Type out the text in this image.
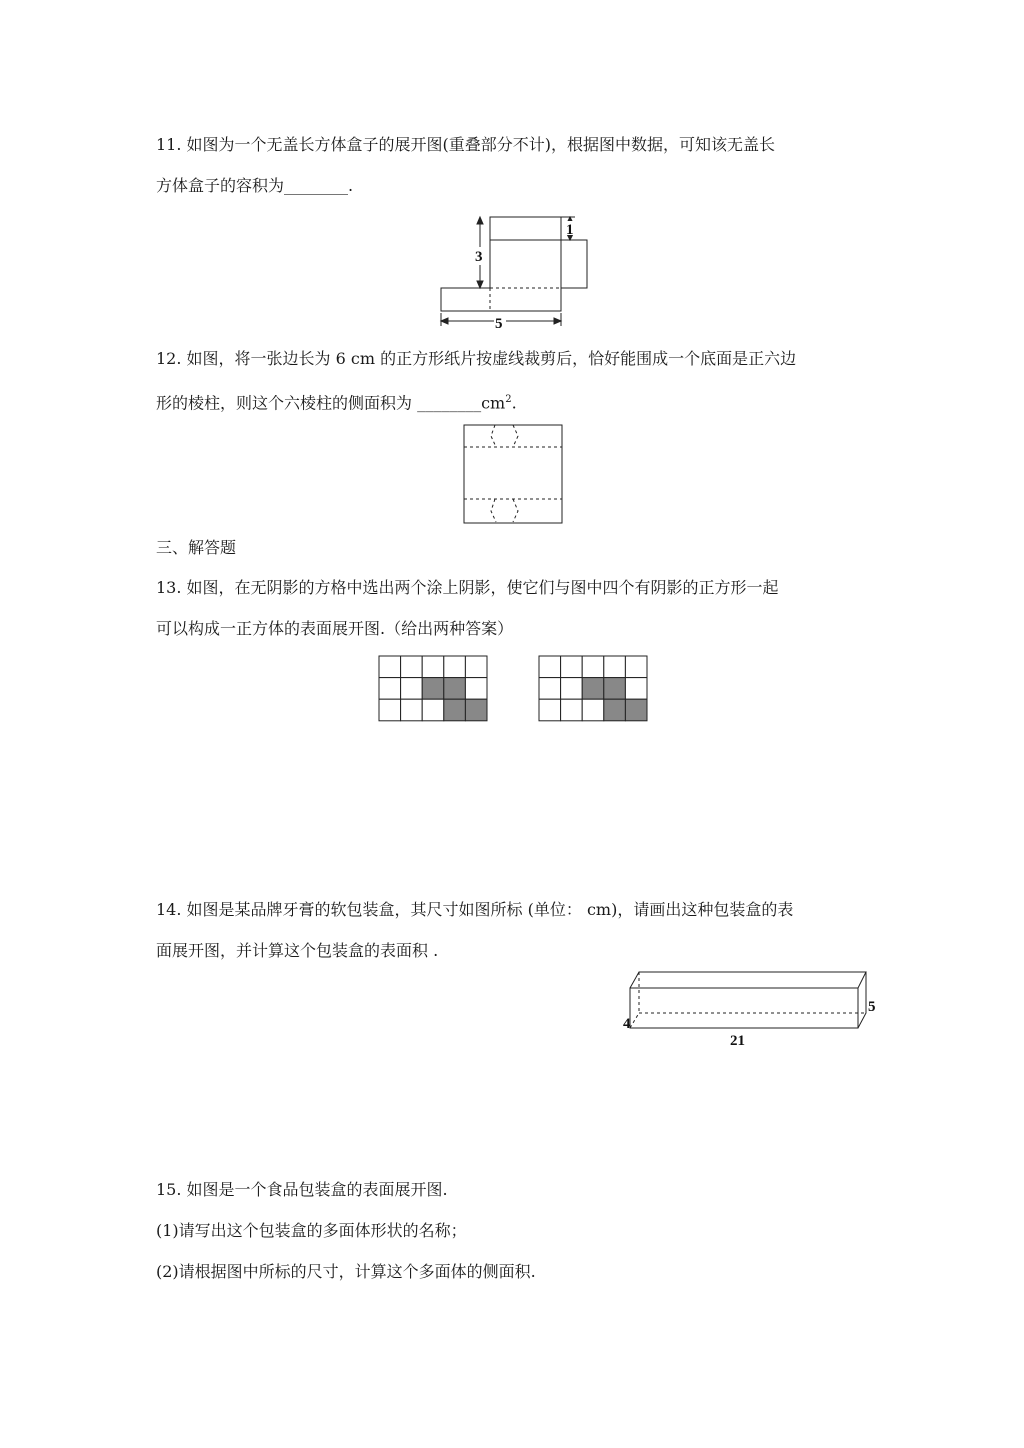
11. 如图为一个无盖长方体盒子的展开图(重叠部分不计)，根据图中数据，可知该无盖长
方体盒子的容积为________.
3
1
5
12. 如图，将一张边长为 6 cm 的正方形纸片按虚线裁剪后，恰好能围成一个底面是正六边
形的棱柱，则这个六棱柱的侧面积为 $\_\_\_\_\_\_\_\_cm^2$.
三、解答题
13. 如图，在无阴影的方格中选出两个涂上阴影，使它们与图中四个有阴影的正方形一起
可以构成一正方体的表面展开图.（给出两种答案）
14. 如图是某品牌牙膏的软包装盒，其尺寸如图所标 (单位： cm)，请画出这种包装盒的表
面展开图，并计算这个包装盒的表面积 .
5
4
21
15. 如图是一个食品包装盒的表面展开图.
(1)请写出这个包装盒的多面体形状的名称；
(2)请根据图中所标的尺寸，计算这个多面体的侧面积.
